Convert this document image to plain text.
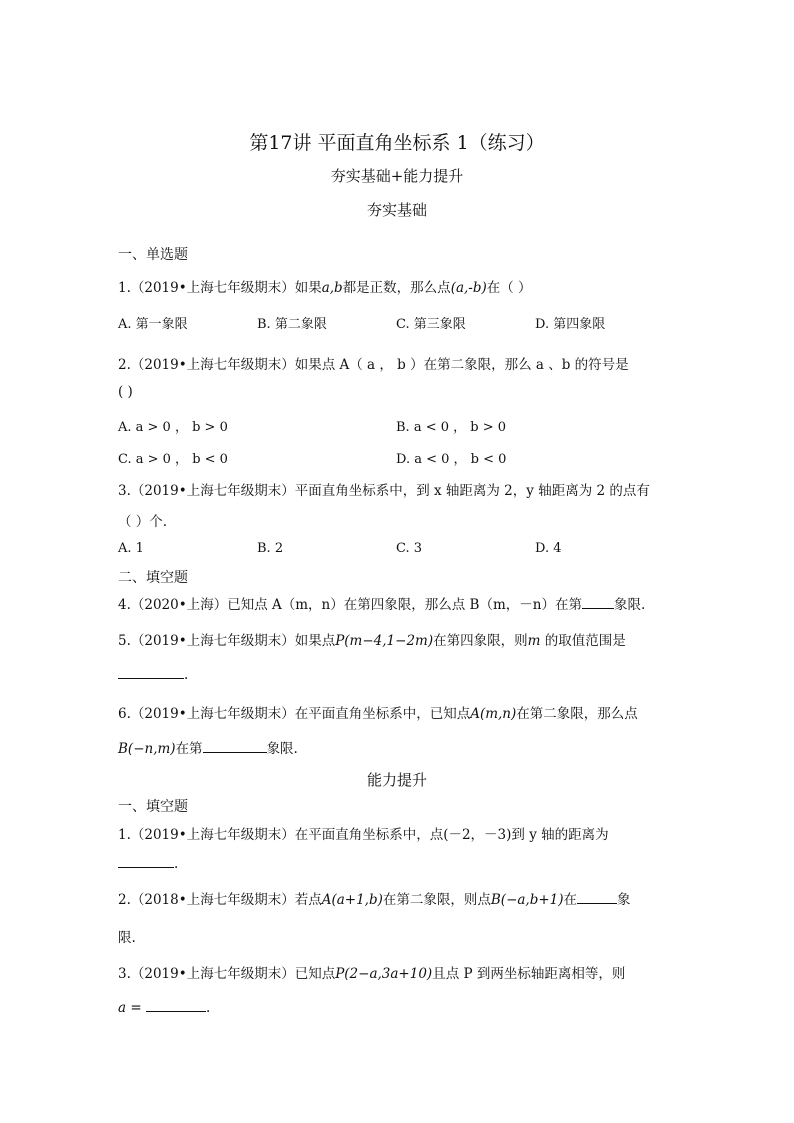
第17讲 平面直角坐标系 1（练习）
夯实基础+能力提升
夯实基础
一、单选题
1.（2019•上海七年级期末）如果a,b都是正数，那么点(a,-b)在（ ）
A. 第一象限	B. 第二象限	C. 第三象限	D. 第四象限
2.（2019•上海七年级期末）如果点 A（ a ， b ）在第二象限，那么 a 、b 的符号是
( )
A. a > 0 ， b > 0	B. a < 0 ， b > 0
C. a > 0 ， b < 0	D. a < 0 ， b < 0
3.（2019•上海七年级期末）平面直角坐标系中，到 x 轴距离为 2，y 轴距离为 2 的点有
（ ）个.
A. 1	B. 2	C. 3	D. 4
二、填空题
4.（2020•上海）已知点 A（m，n）在第四象限，那么点 B（m，－n）在第 象限.
5.（2019•上海七年级期末）如果点P(m−4,1−2m)在第四象限，则m 的取值范围是
.
6.（2019•上海七年级期末）在平面直角坐标系中，已知点A(m,n)在第二象限，那么点
B(−n,m)在第	象限.
能力提升
一、填空题
1.（2019•上海七年级期末）在平面直角坐标系中，点(－2，－3)到 y 轴的距离为
.
2.（2018•上海七年级期末）若点A(a+1,b)在第二象限，则点B(−a,b+1)在	象
限.
3.（2019•上海七年级期末）已知点P(2−a,3a+10)且点 P 到两坐标轴距离相等，则
a =	.
